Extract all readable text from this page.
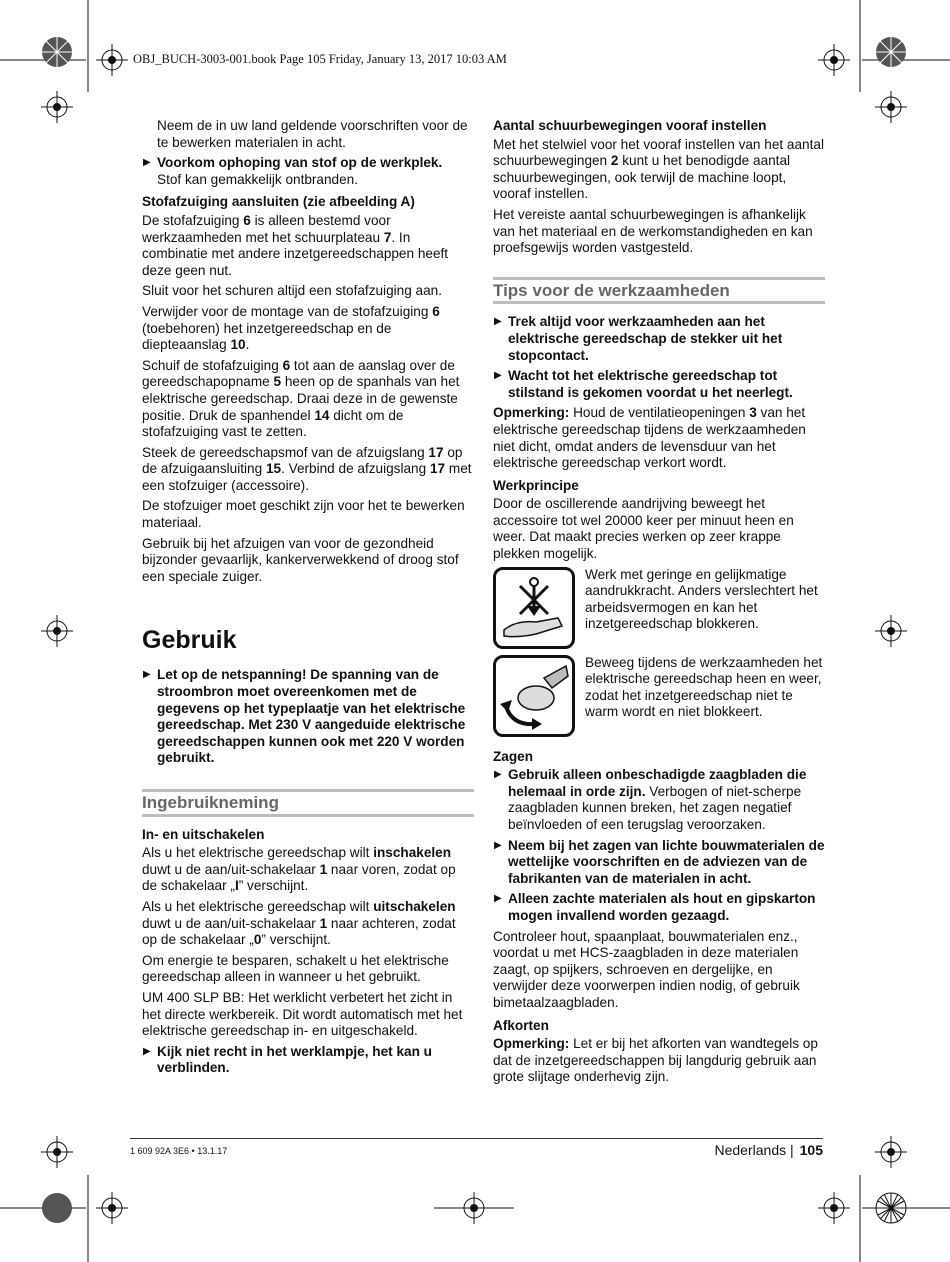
OBJ_BUCH-3003-001.book Page 105 Friday, January 13, 2017 10:03 AM

Neem de in uw land geldende voorschriften voor de te bewerken materialen in acht.

▶ Voorkom ophoping van stof op de werkplek.
Stof kan gemakkelijk ontbranden.
Stofafzuiging aansluiten (zie afbeelding A)

De stofafzuiging 6 is alleen bestemd voor werkzaamheden met het schuurplateau 7. In combinatie met andere inzetgereedschappen heeft deze geen nut.

Sluit voor het schuren altijd een stofafzuiging aan.

Verwijder voor de montage van de stofafzuiging 6 (toebehoren) het inzetgereedschap en de diepteaanslag 10.

Schuif de stofafzuiging 6 tot aan de aanslag over de gereedschapopname 5 heen op de spanhals van het elektrische gereedschap. Draai deze in de gewenste positie. Druk de spanhendel 14 dicht om de stofafzuiging vast te zetten.

Steek de gereedschapsmof van de afzuigslang 17 op de afzuigaansluiting 15. Verbind de afzuigslang 17 met een stofzuiger (accessoire).

De stofzuiger moet geschikt zijn voor het te bewerken materiaal.

Gebruik bij het afzuigen van voor de gezondheid bijzonder gevaarlijk, kankerverwekkend of droog stof een speciale zuiger.

Gebruik
▶ Let op de netspanning! De spanning van de stroombron moet overeenkomen met de gegevens op het typeplaatje van het elektrische gereedschap. Met 230 V aangeduide elektrische gereedschappen kunnen ook met 220 V worden gebruikt.
Ingebruikneming
In- en uitschakelen

Als u het elektrische gereedschap wilt inschakelen duwt u de aan/uit-schakelaar 1 naar voren, zodat op de schakelaar „I” verschijnt.

Als u het elektrische gereedschap wilt uitschakelen duwt u de aan/uit-schakelaar 1 naar achteren, zodat op de schakelaar „0” verschijnt.

Om energie te besparen, schakelt u het elektrische gereedschap alleen in wanneer u het gebruikt.

UM 400 SLP BB: Het werklicht verbetert het zicht in het directe werkbereik. Dit wordt automatisch met het elektrische gereedschap in- en uitgeschakeld.

▶ Kijk niet recht in het werklampje, het kan u verblinden.
Aantal schuurbewegingen vooraf instellen

Met het stelwiel voor het vooraf instellen van het aantal schuurbewegingen 2 kunt u het benodigde aantal schuurbewegingen, ook terwijl de machine loopt, vooraf instellen.

Het vereiste aantal schuurbewegingen is afhankelijk van het materiaal en de werkomstandigheden en kan proefsgewijs worden vastgesteld.

Tips voor de werkzaamheden
▶ Trek altijd voor werkzaamheden aan het elektrische gereedschap de stekker uit het stopcontact.
▶ Wacht tot het elektrische gereedschap tot stilstand is gekomen voordat u het neerlegt.

Opmerking: Houd de ventilatieopeningen 3 van het elektrische gereedschap tijdens de werkzaamheden niet dicht, omdat anders de levensduur van het elektrische gereedschap verkort wordt.

Werkprincipe

Door de oscillerende aandrijving beweegt het accessoire tot wel 20000 keer per minuut heen en weer. Dat maakt precies werken op zeer krappe plekken mogelijk.

Werk met geringe en gelijkmatige aandrukkracht. Anders verslechtert het arbeidsvermogen en kan het inzetgereedschap blokkeren.
Beweeg tijdens de werkzaamheden het elektrische gereedschap heen en weer, zodat het inzetgereedschap niet te warm wordt en niet blokkeert.
Zagen
▶ Gebruik alleen onbeschadigde zaagbladen die helemaal in orde zijn. Verbogen of niet-scherpe zaagbladen kunnen breken, het zagen negatief beïnvloeden of een terugslag veroorzaken.
▶ Neem bij het zagen van lichte bouwmaterialen de wettelijke voorschriften en de adviezen van de fabrikanten van de materialen in acht.
▶ Alleen zachte materialen als hout en gipskarton mogen invallend worden gezaagd.

Controleer hout, spaanplaat, bouwmaterialen enz., voordat u met HCS-zaagbladen in deze materialen zaagt, op spijkers, schroeven en dergelijke, en verwijder deze voorwerpen indien nodig, of gebruik bimetaalzaagbladen.

Afkorten

Opmerking: Let er bij het afkorten van wandtegels op dat de inzetgereedschappen bij langdurig gebruik aan grote slijtage onderhevig zijn.

1 609 92A 3E6 • 13.1.17	Nederlands | 105
